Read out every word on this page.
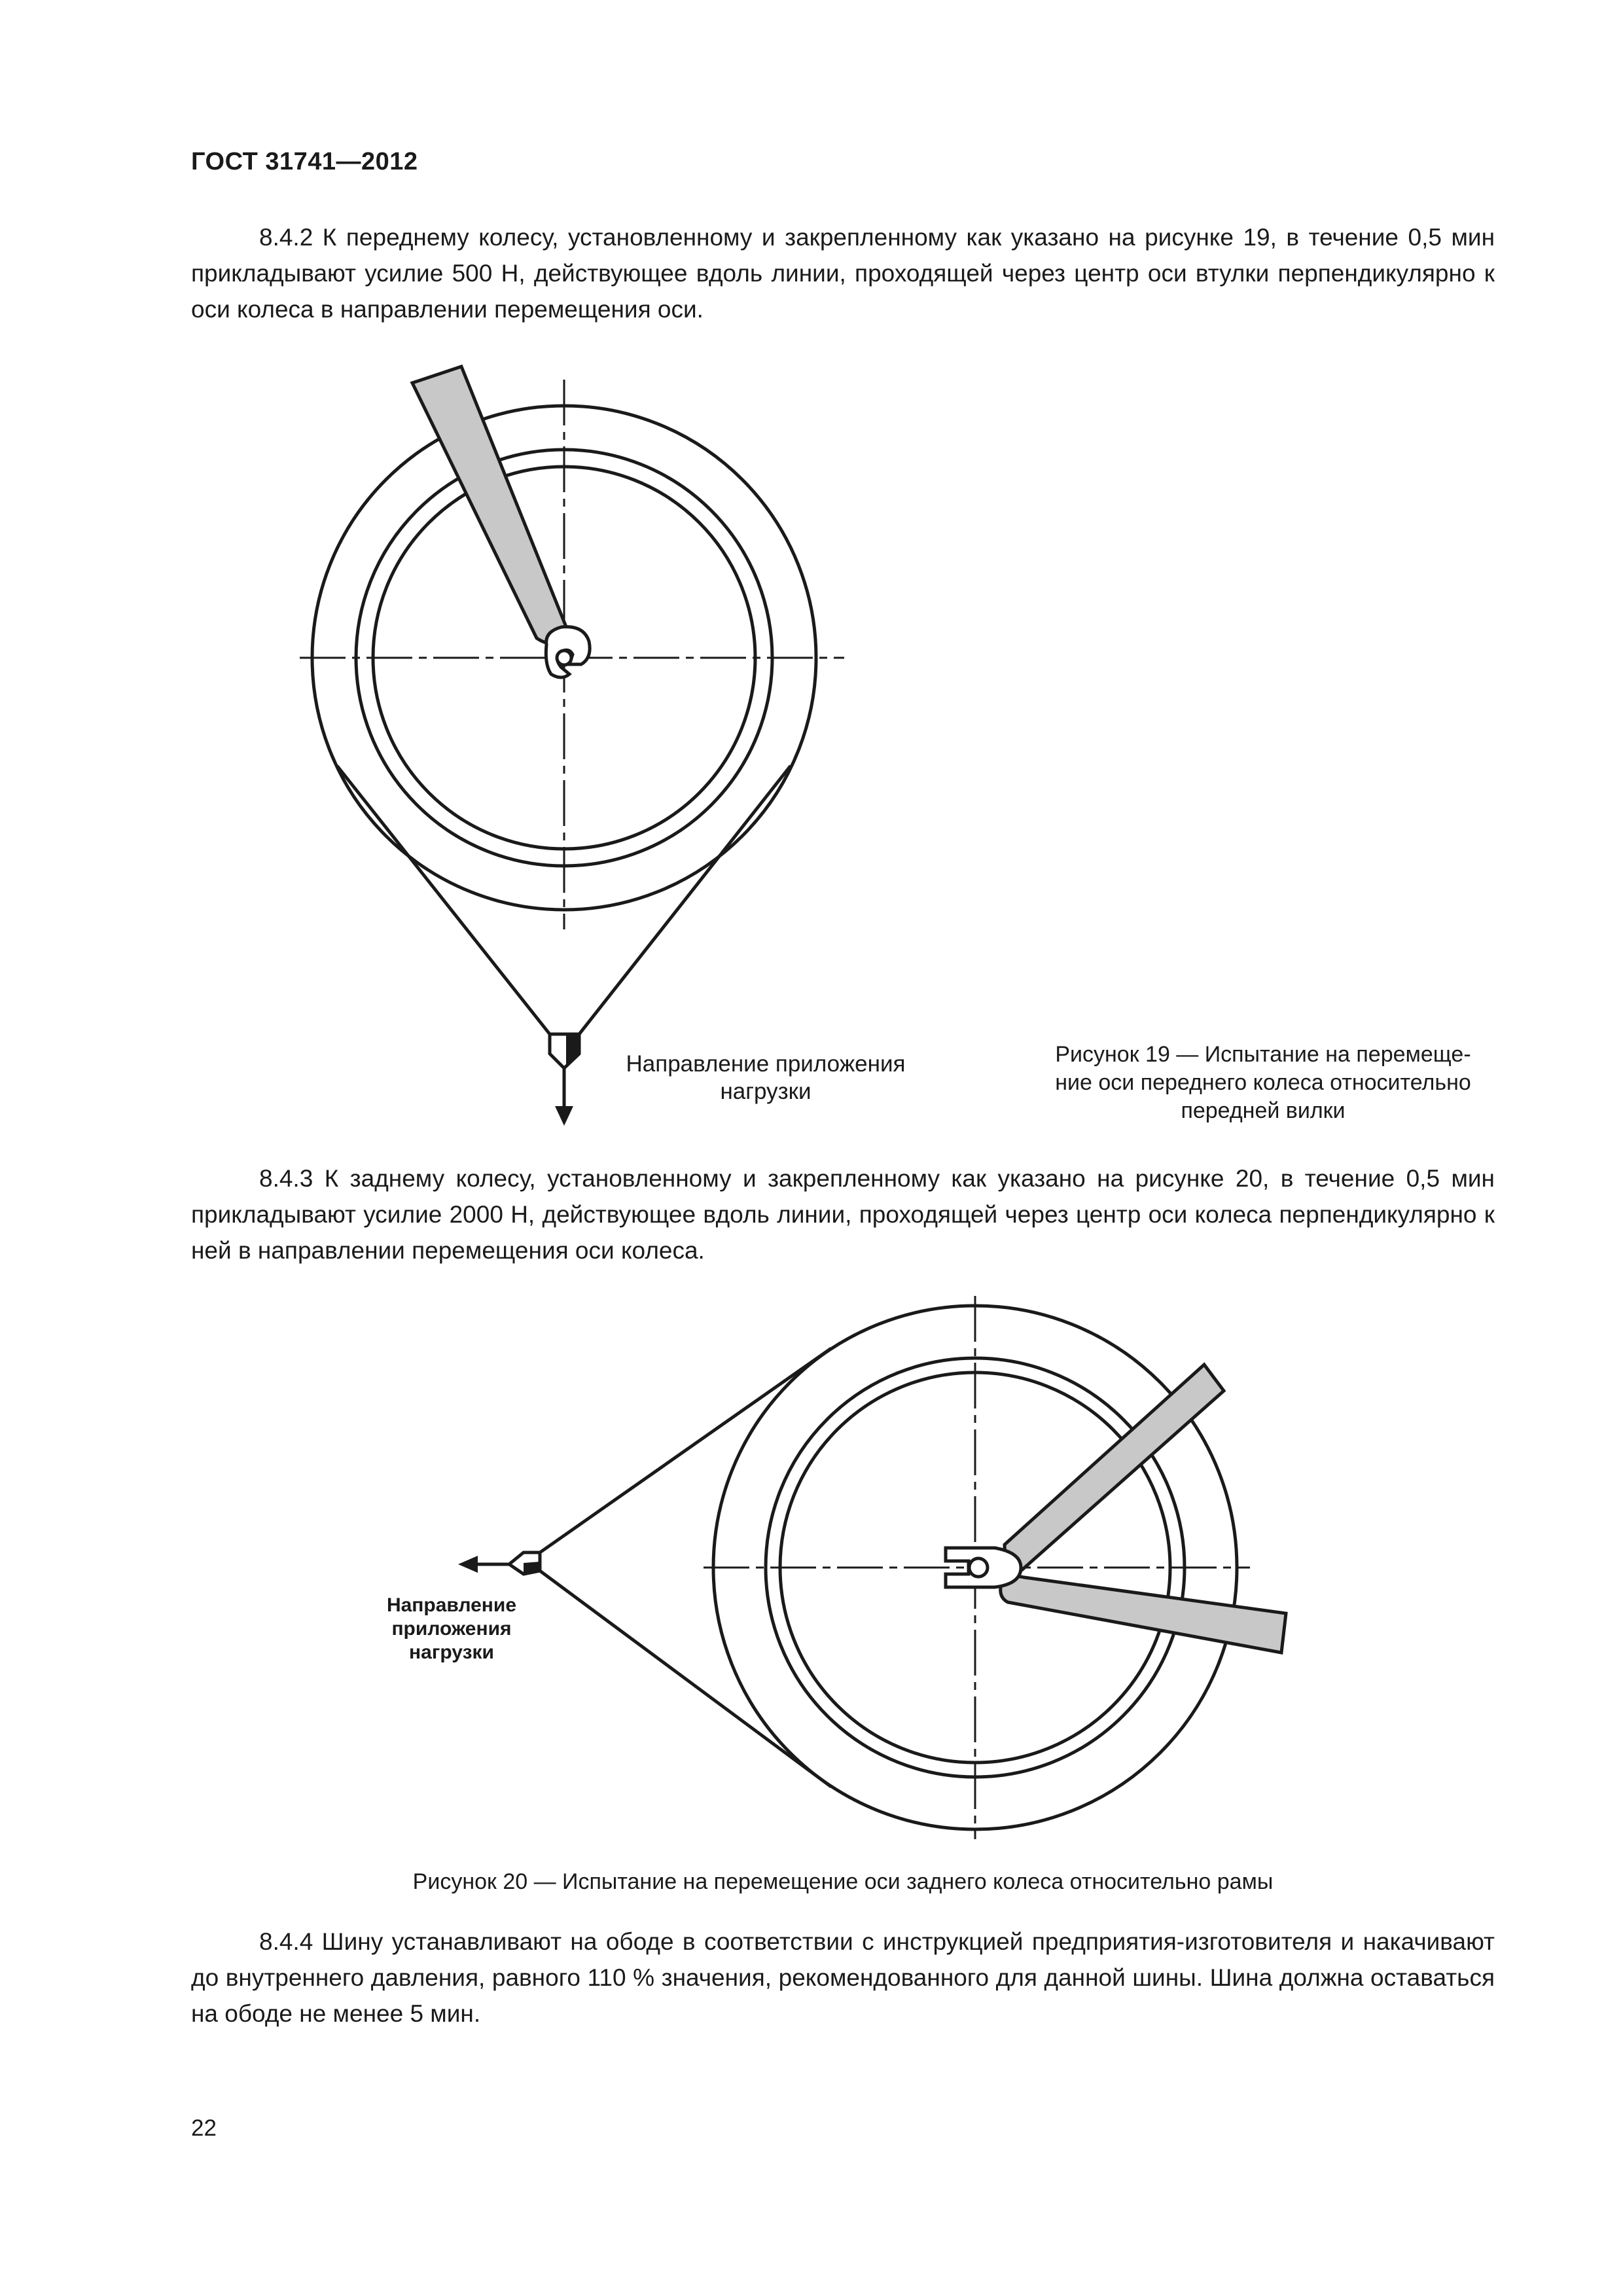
ГОСТ 31741—2012

8.4.2 К переднему колесу, установленному и закрепленному как указано на рисунке 19, в течение 0,5 мин прикладывают усилие 500 Н, действующее вдоль линии, проходящей через центр оси втулки перпендикулярно к оси колеса в направлении перемещения оси.

Направление приложения

нагрузки

Рисунок 19 — Испытание на перемеще-
ние оси переднего колеса относительно
передней вилки

8.4.3 К заднему колесу, установленному и закрепленному как указано на рисунке 20, в течение 0,5 мин прикладывают усилие 2000 Н, действующее вдоль линии, проходящей через центр оси колеса перпендикулярно к ней в направлении перемещения оси колеса.

Направление

приложения

нагрузки

Рисунок 20 — Испытание на перемещение оси заднего колеса относительно рамы

8.4.4 Шину устанавливают на ободе в соответствии с инструкцией предприятия-изготовителя и накачивают до внутреннего давления, равного 110 % значения, рекомендованного для данной шины. Шина должна оставаться на ободе не менее 5 мин.

22
